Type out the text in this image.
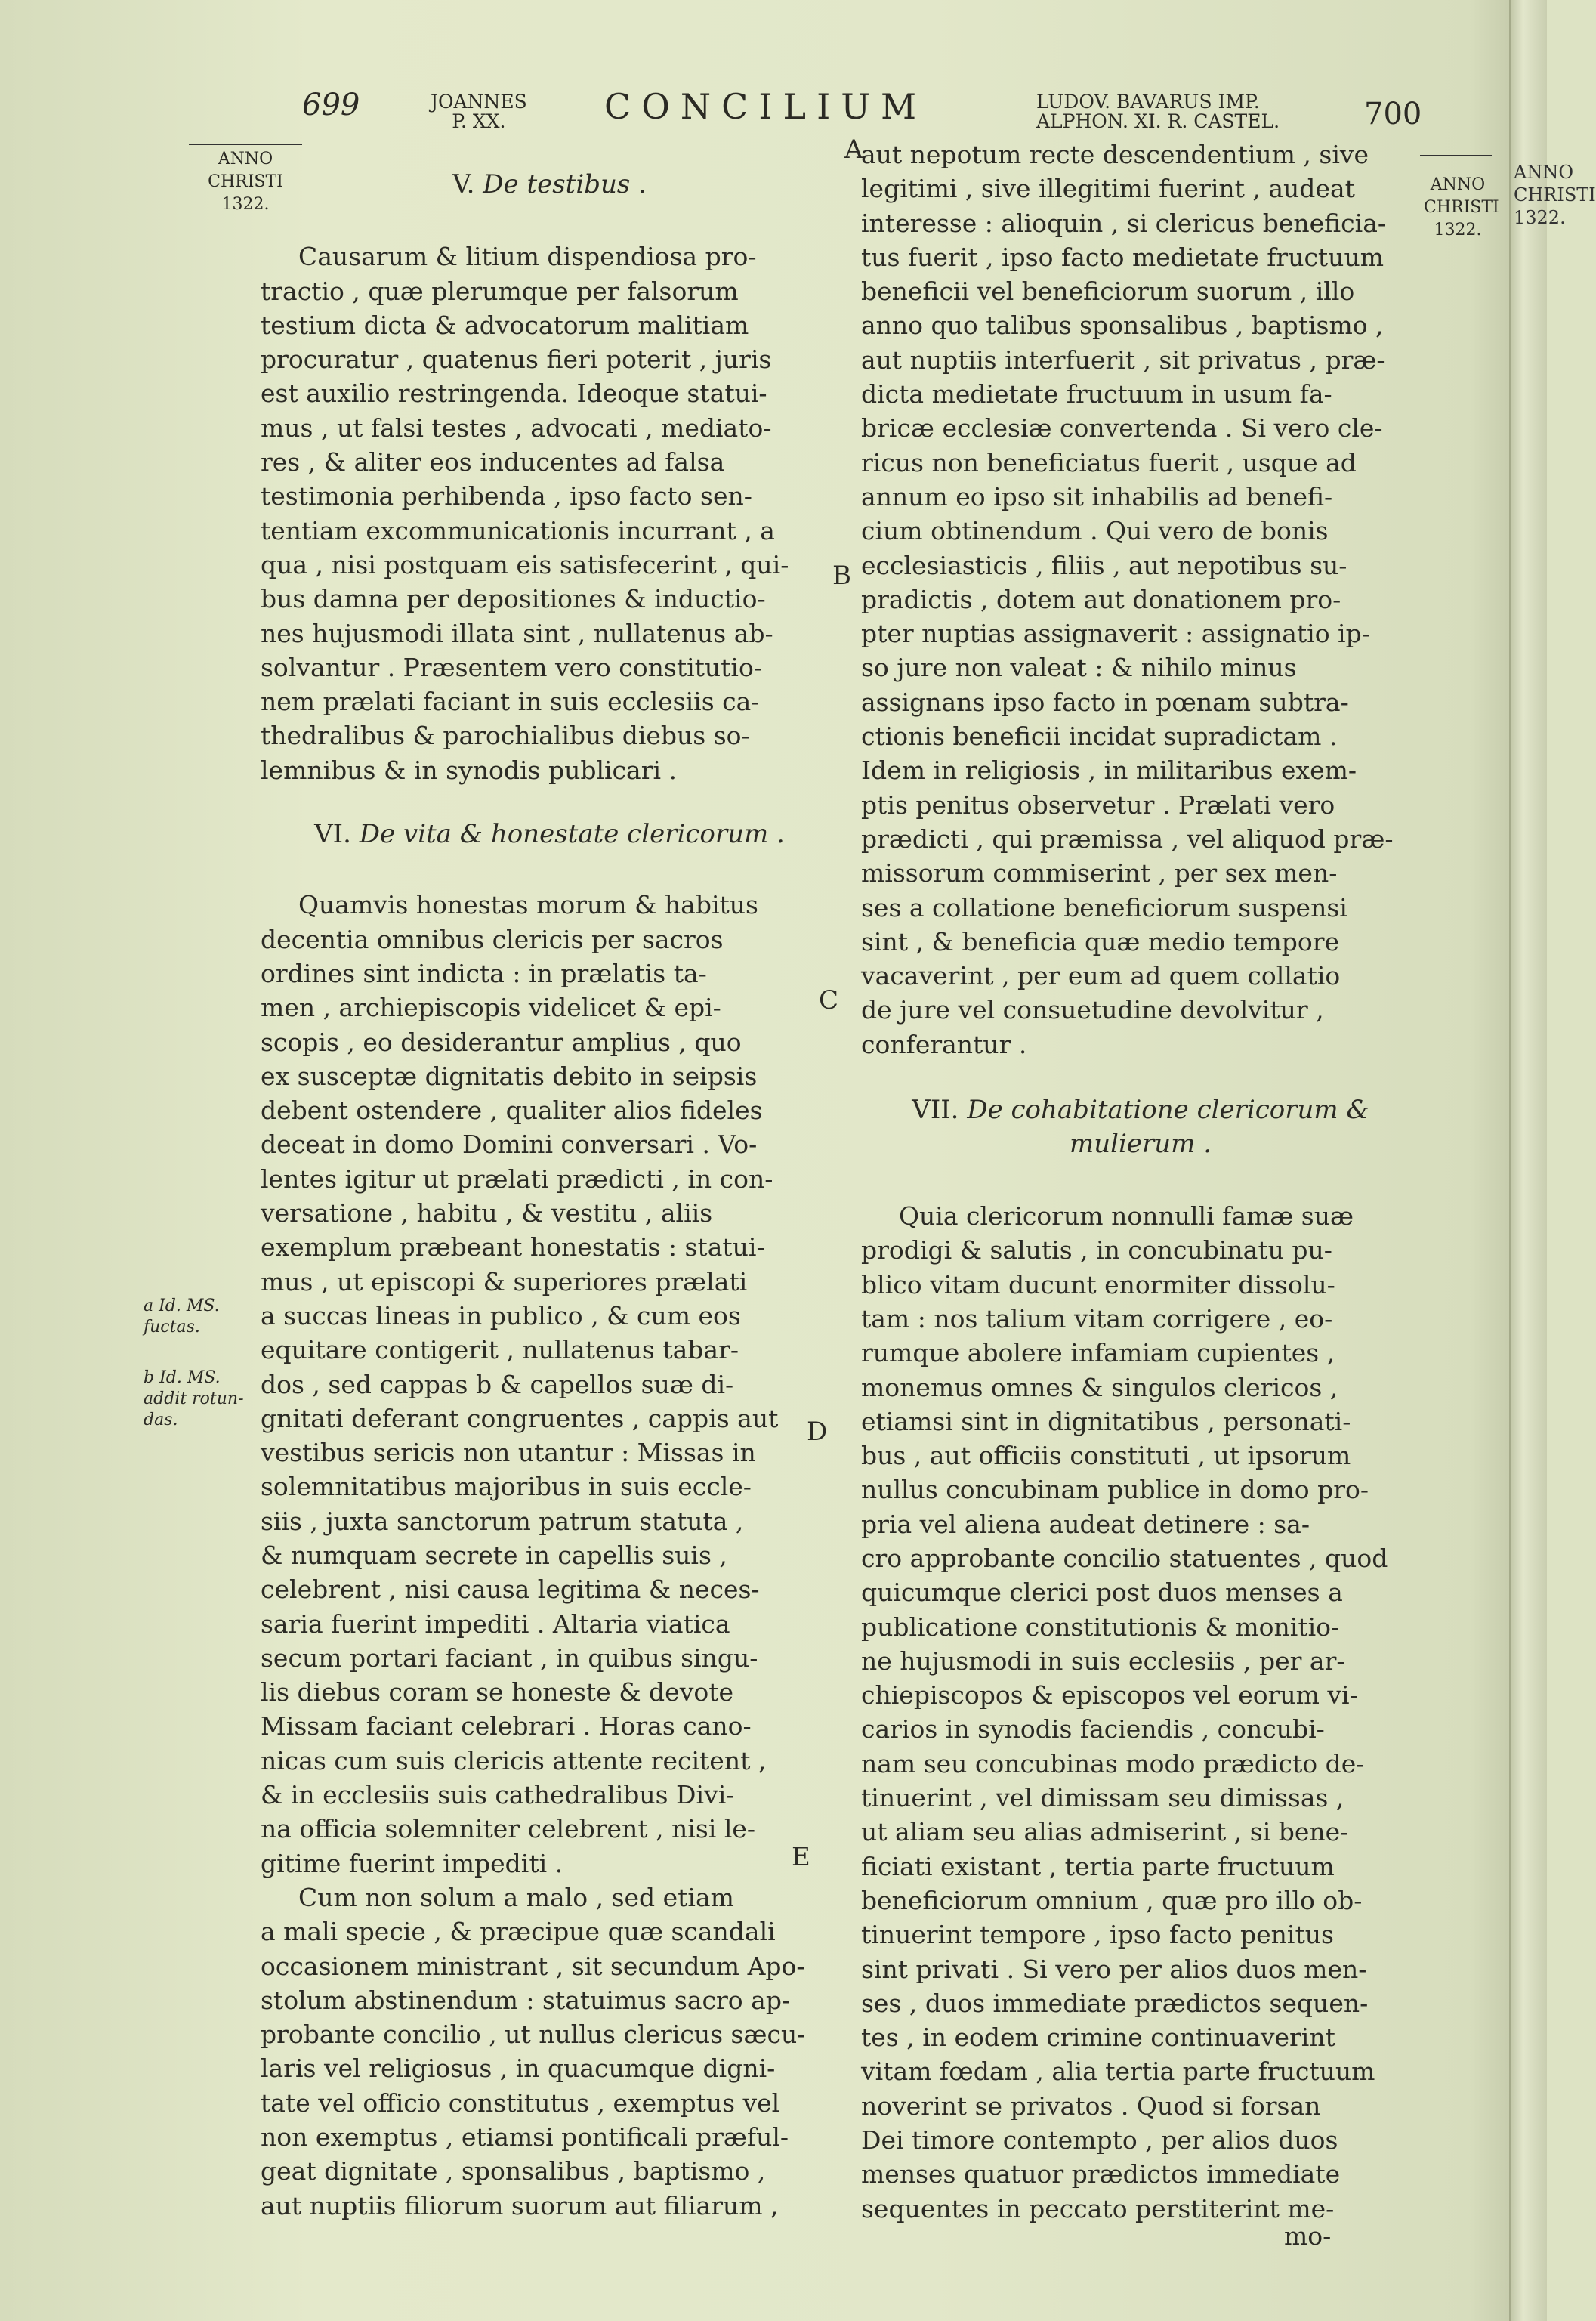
699	JOANNES
P. XX.	CONCILIUM	LUDOV. BAVARUS IMP.
ALPHON. XI. R. CASTEL.	700
ANNO
CHRISTI
1322.
ANNO
CHRISTI
1322.
a Id. MS.
fuctas.
b Id. MS.
addit rotun-
das.
A
B
C
D
E

V. De testibus .

Causarum & litium dispendiosa pro-

tractio , quæ plerumque per falsorum

testium dicta & advocatorum malitiam

procuratur , quatenus fieri poterit , juris

est auxilio restringenda. Ideoque statui-

mus , ut falsi testes , advocati , mediato-

res , & aliter eos inducentes ad falsa

testimonia perhibenda , ipso facto sen-

tentiam excommunicationis incurrant , a

qua , nisi postquam eis satisfecerint , qui-

bus damna per depositiones & inductio-

nes hujusmodi illata sint , nullatenus ab-

solvantur . Præsentem vero constitutio-

nem prælati faciant in suis ecclesiis ca-

thedralibus & parochialibus diebus so-

lemnibus & in synodis publicari .

VI. De vita & honestate clericorum .

Quamvis honestas morum & habitus

decentia omnibus clericis per sacros

ordines sint indicta : in prælatis ta-

men , archiepiscopis videlicet & epi-

scopis , eo desiderantur amplius , quo

ex susceptæ dignitatis debito in seipsis

debent ostendere , qualiter alios fideles

deceat in domo Domini conversari . Vo-

lentes igitur ut prælati prædicti , in con-

versatione , habitu , & vestitu , aliis

exemplum præbeant honestatis : statui-

mus , ut episcopi & superiores prælati

a succas lineas in publico , & cum eos

equitare contigerit , nullatenus tabar-

dos , sed cappas b & capellos suæ di-

gnitati deferant congruentes , cappis aut

vestibus sericis non utantur : Missas in

solemnitatibus majoribus in suis eccle-

siis , juxta sanctorum patrum statuta ,

& numquam secrete in capellis suis ,

celebrent , nisi causa legitima & neces-

saria fuerint impediti . Altaria viatica

secum portari faciant , in quibus singu-

lis diebus coram se honeste & devote

Missam faciant celebrari . Horas cano-

nicas cum suis clericis attente recitent ,

& in ecclesiis suis cathedralibus Divi-

na officia solemniter celebrent , nisi le-

gitime fuerint impediti .

Cum non solum a malo , sed etiam

a mali specie , & præcipue quæ scandali

occasionem ministrant , sit secundum Apo-

stolum abstinendum : statuimus sacro ap-

probante concilio , ut nullus clericus sæcu-

laris vel religiosus , in quacumque digni-

tate vel officio constitutus , exemptus vel

non exemptus , etiamsi pontificali præful-

geat dignitate , sponsalibus , baptismo ,

aut nuptiis filiorum suorum aut filiarum ,

aut nepotum recte descendentium , sive

legitimi , sive illegitimi fuerint , audeat

interesse : alioquin , si clericus beneficia-

tus fuerit , ipso facto medietate fructuum

beneficii vel beneficiorum suorum , illo

anno quo talibus sponsalibus , baptismo ,

aut nuptiis interfuerit , sit privatus , præ-

dicta medietate fructuum in usum fa-

bricæ ecclesiæ convertenda . Si vero cle-

ricus non beneficiatus fuerit , usque ad

annum eo ipso sit inhabilis ad benefi-

cium obtinendum . Qui vero de bonis

ecclesiasticis , filiis , aut nepotibus su-

pradictis , dotem aut donationem pro-

pter nuptias assignaverit : assignatio ip-

so jure non valeat : & nihilo minus

assignans ipso facto in pœnam subtra-

ctionis beneficii incidat supradictam .

Idem in religiosis , in militaribus exem-

ptis penitus observetur . Prælati vero

prædicti , qui præmissa , vel aliquod præ-

missorum commiserint , per sex men-

ses a collatione beneficiorum suspensi

sint , & beneficia quæ medio tempore

vacaverint , per eum ad quem collatio

de jure vel consuetudine devolvitur ,

conferantur .

VII. De cohabitatione clericorum &
mulierum .

Quia clericorum nonnulli famæ suæ

prodigi & salutis , in concubinatu pu-

blico vitam ducunt enormiter dissolu-

tam : nos talium vitam corrigere , eo-

rumque abolere infamiam cupientes ,

monemus omnes & singulos clericos ,

etiamsi sint in dignitatibus , personati-

bus , aut officiis constituti , ut ipsorum

nullus concubinam publice in domo pro-

pria vel aliena audeat detinere : sa-

cro approbante concilio statuentes , quod

quicumque clerici post duos menses a

publicatione constitutionis & monitio-

ne hujusmodi in suis ecclesiis , per ar-

chiepiscopos & episcopos vel eorum vi-

carios in synodis faciendis , concubi-

nam seu concubinas modo prædicto de-

tinuerint , vel dimissam seu dimissas ,

ut aliam seu alias admiserint , si bene-

ficiati existant , tertia parte fructuum

beneficiorum omnium , quæ pro illo ob-

tinuerint tempore , ipso facto penitus

sint privati . Si vero per alios duos men-

ses , duos immediate prædictos sequen-

tes , in eodem crimine continuaverint

vitam fœdam , alia tertia parte fructuum

noverint se privatos . Quod si forsan

Dei timore contempto , per alios duos

menses quatuor prædictos immediate

sequentes in peccato perstiterint me-

mo-
ANNO
CHRISTI
1322.
